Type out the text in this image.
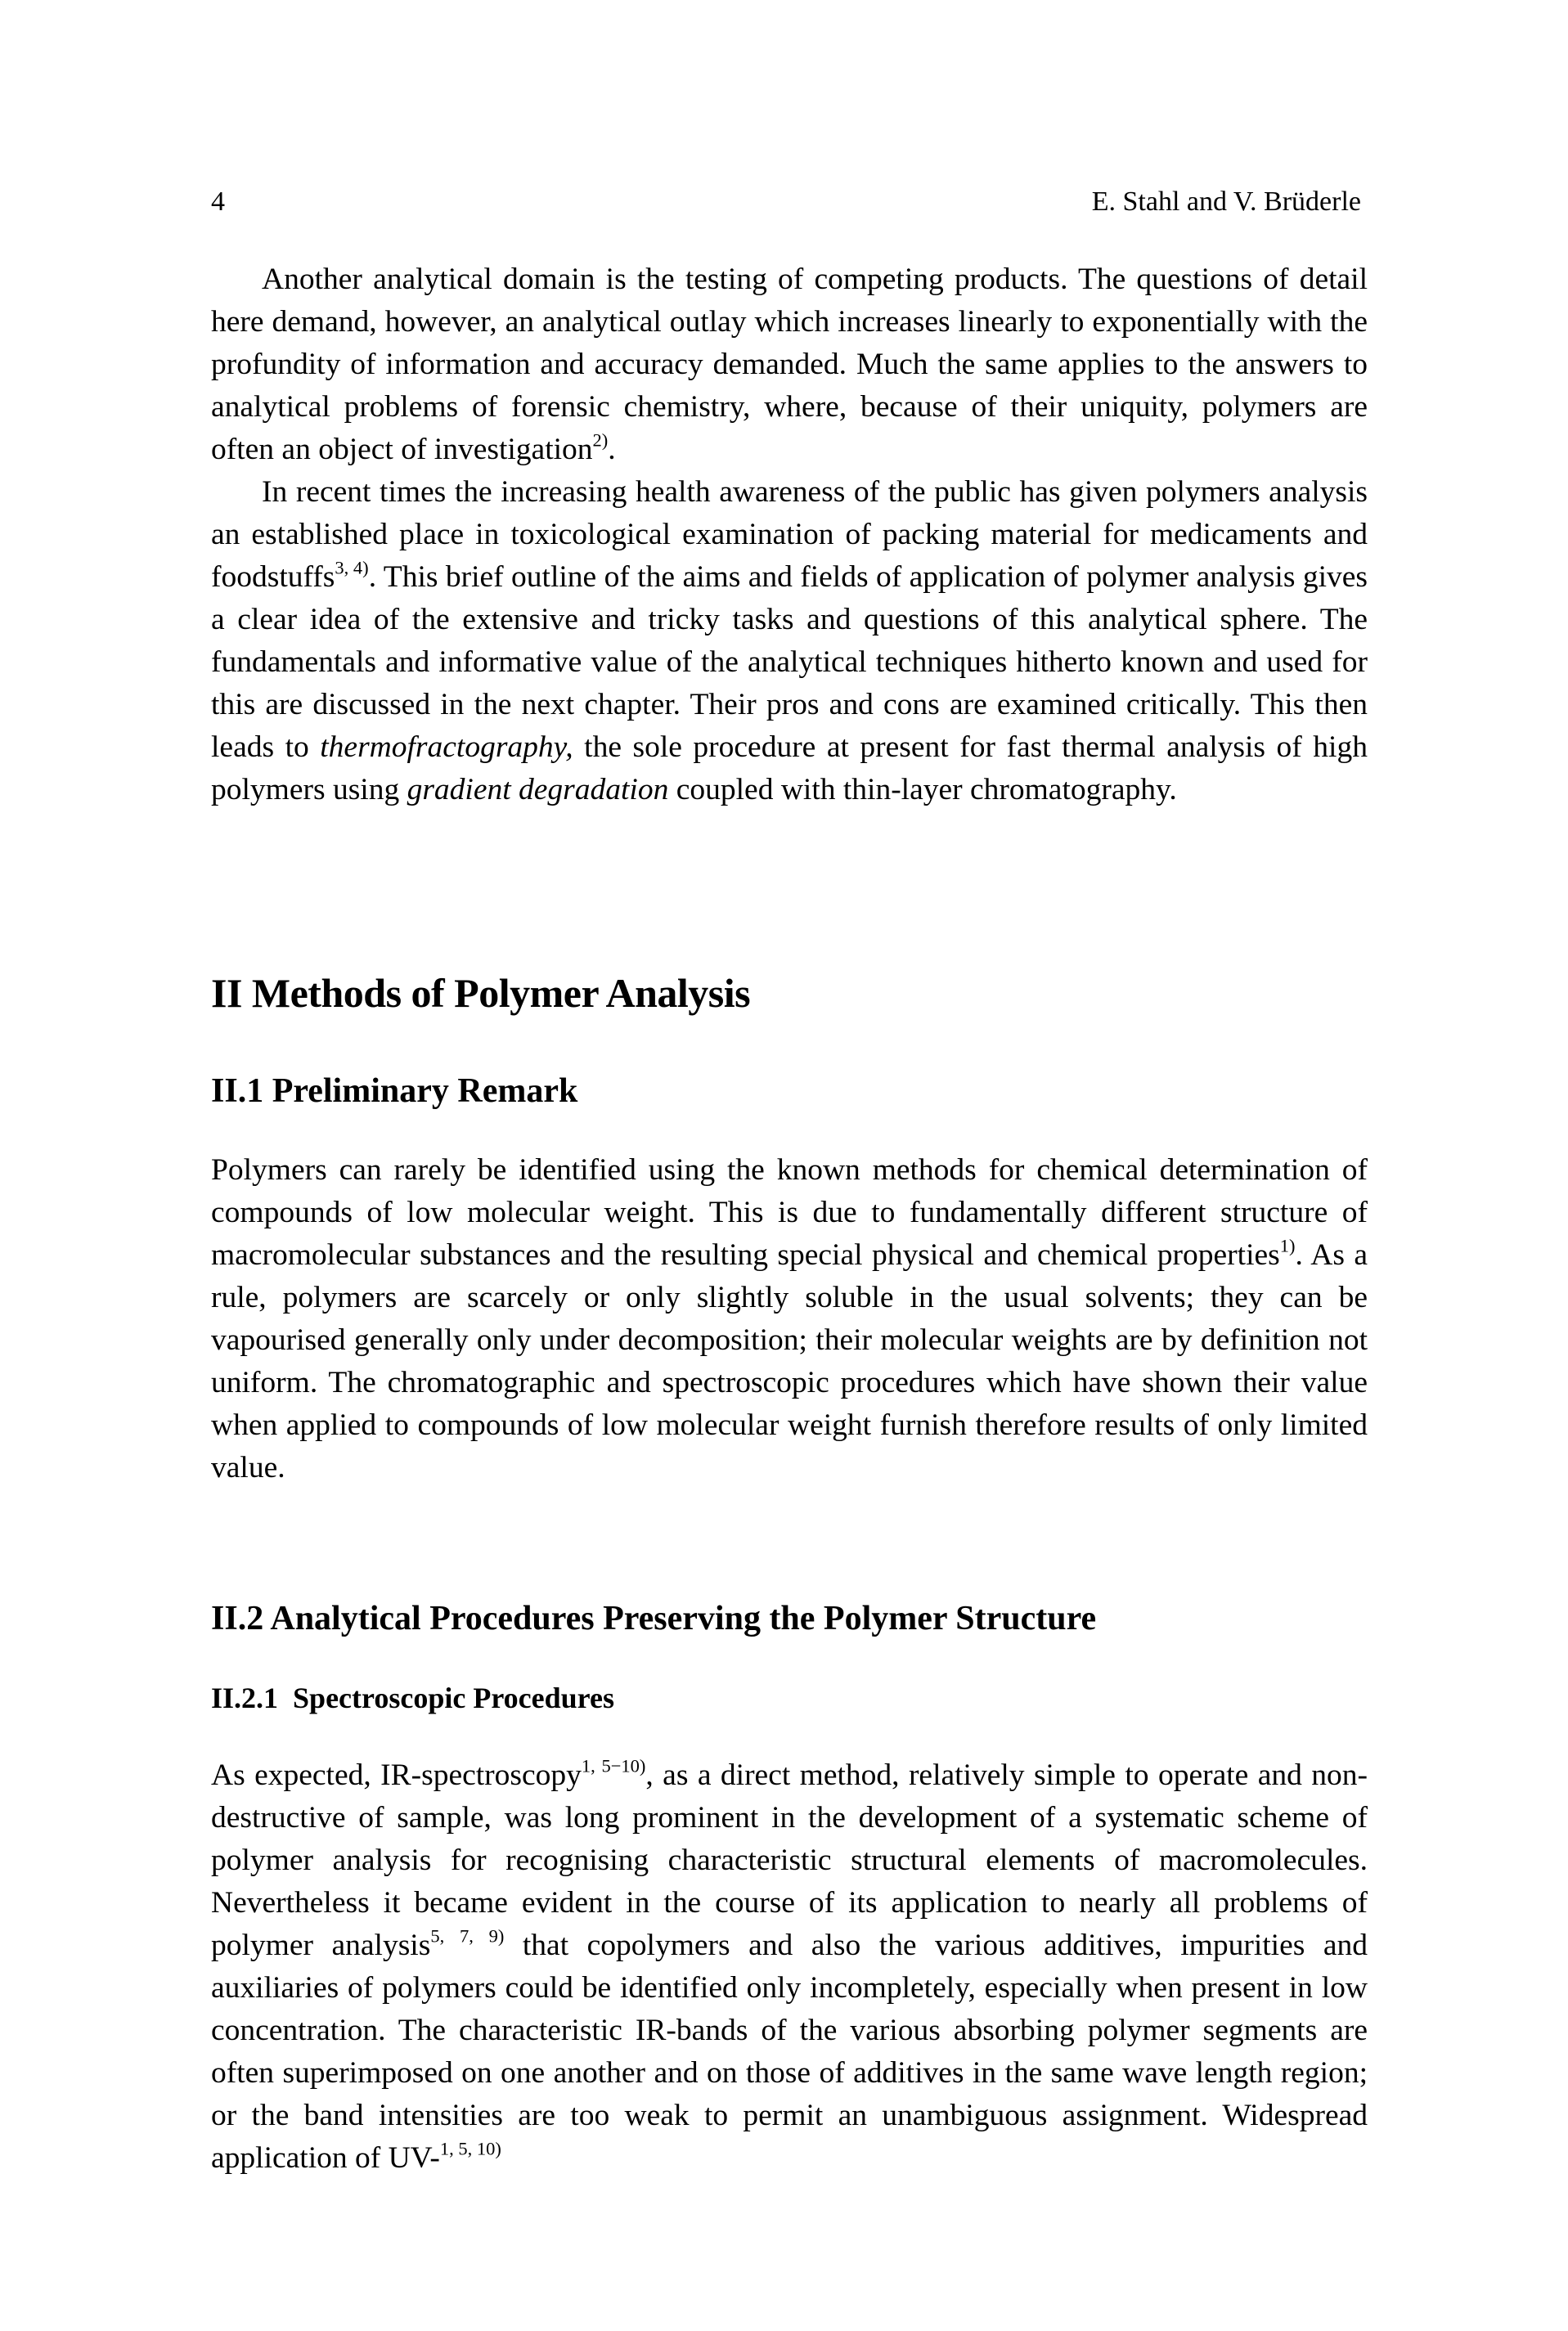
4	E. Stahl and V. Brüderle

Another analytical domain is the testing of competing products. The questions of detail here demand, however, an analytical outlay which increases linearly to exponentially with the profundity of information and accuracy demanded. Much the same applies to the answers to analytical problems of forensic chemistry, where, because of their uniquity, polymers are often an object of investigation$^{2)}$.

In recent times the increasing health awareness of the public has given polymers analysis an established place in toxicological examination of packing material for medicaments and foodstuffs$^{3, 4)}$. This brief outline of the aims and fields of application of polymer analysis gives a clear idea of the extensive and tricky tasks and questions of this analytical sphere. The fundamentals and informative value of the analytical techniques hitherto known and used for this are discussed in the next chapter. Their pros and cons are examined critically. This then leads to thermofractography, the sole procedure at present for fast thermal analysis of high polymers using gradient degradation coupled with thin-layer chromatography.

II Methods of Polymer Analysis
II.1 Preliminary Remark

Polymers can rarely be identified using the known methods for chemical determination of compounds of low molecular weight. This is due to fundamentally different structure of macromolecular substances and the resulting special physical and chemical properties$^{1)}$. As a rule, polymers are scarcely or only slightly soluble in the usual solvents; they can be vapourised generally only under decomposition; their molecular weights are by definition not uniform. The chromatographic and spectroscopic procedures which have shown their value when applied to compounds of low molecular weight furnish therefore results of only limited value.

II.2 Analytical Procedures Preserving the Polymer Structure
II.2.1 Spectroscopic Procedures

As expected, IR-spectroscopy$^{1, 5-10)}$, as a direct method, relatively simple to operate and non-destructive of sample, was long prominent in the development of a systematic scheme of polymer analysis for recognising characteristic structural elements of macromolecules. Nevertheless it became evident in the course of its application to nearly all problems of polymer analysis$^{5, 7, 9)}$ that copolymers and also the various additives, impurities and auxiliaries of polymers could be identified only incompletely, especially when present in low concentration. The characteristic IR-bands of the various absorbing polymer segments are often superimposed on one another and on those of additives in the same wave length region; or the band intensities are too weak to permit an unambiguous assignment. Widespread application of UV-$^{1, 5, 10)}$
